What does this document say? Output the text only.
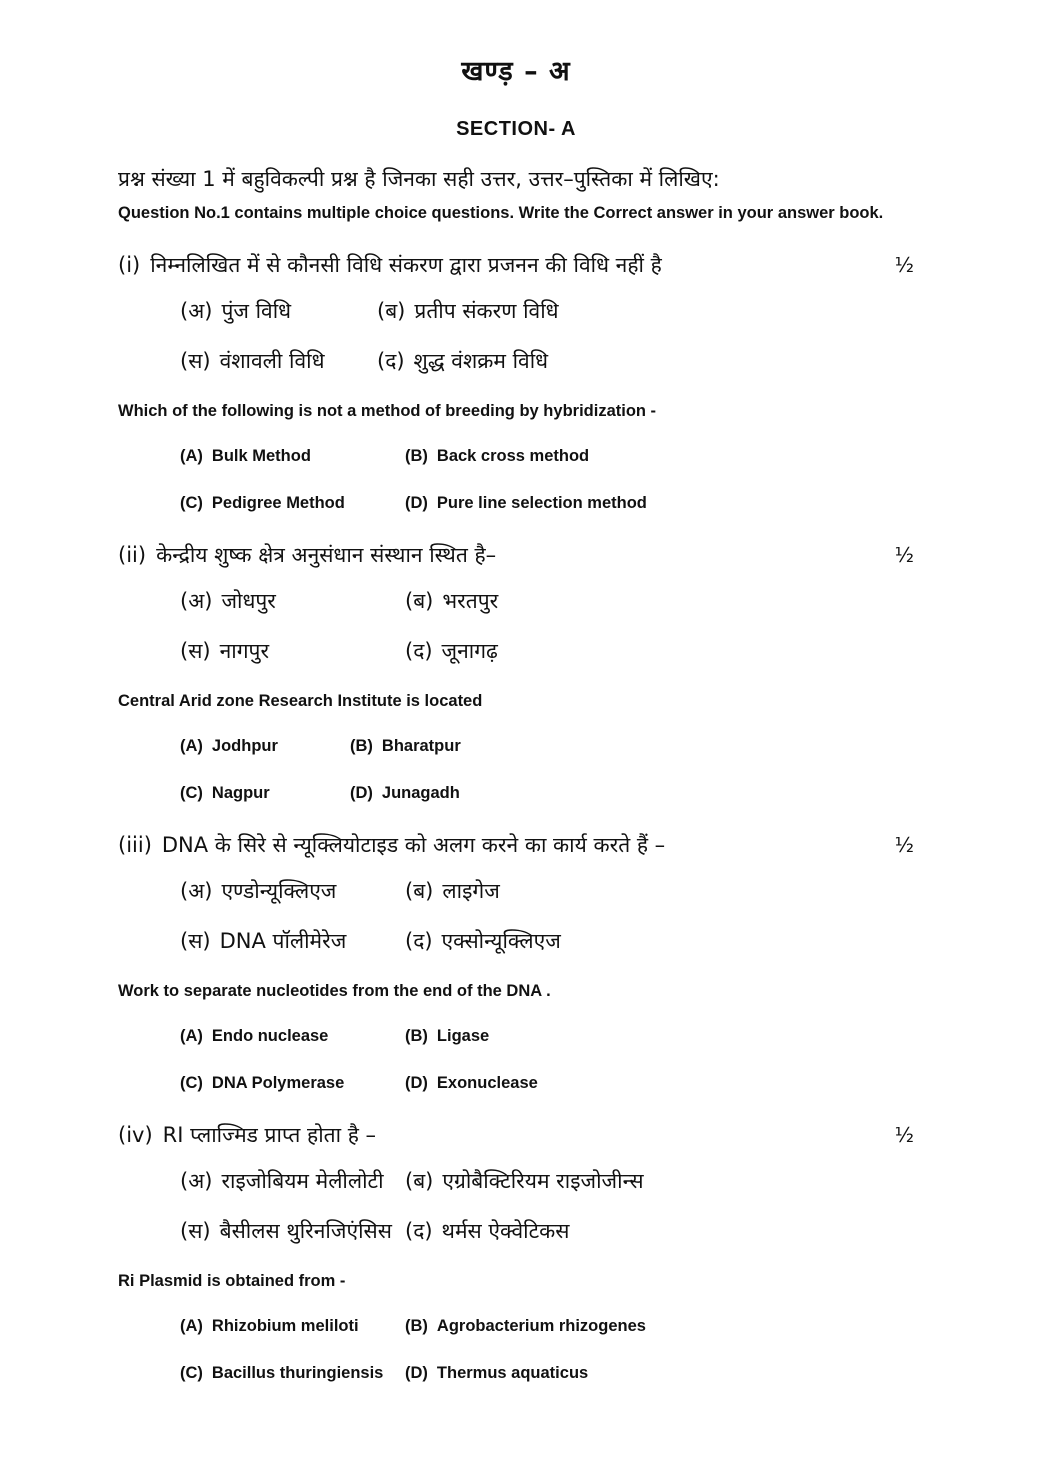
खण्ड़ – अ
SECTION- A

प्रश्न संख्या 1 में बहुविकल्पी प्रश्न है जिनका सही उत्तर, उत्तर–पुस्तिका में लिखिए:

Question No.1 contains multiple choice questions. Write the Correct answer in your answer book.

(i) निम्नलिखित में से कौनसी विधि संकरण द्वारा प्रजनन की विधि नहीं है	½
(अ) पुंज विधि	(ब) प्रतीप संकरण विधि
(स) वंशावली विधि	(द) शुद्ध वंशक्रम विधि

Which of the following is not a method of breeding by hybridization -

(A) Bulk Method	(B) Back cross method
(C) Pedigree Method	(D) Pure line selection method
(ii) केन्द्रीय शुष्क क्षेत्र अनुसंधान संस्थान स्थित है–	½
(अ) जोधपुर	(ब) भरतपुर
(स) नागपुर	(द) जूनागढ़

Central Arid zone Research Institute is located

(A) Jodhpur	(B) Bharatpur
(C) Nagpur	(D) Junagadh
(iii) DNA के सिरे से न्यूक्लियोटाइड को अलग करने का कार्य करते हैं –	½
(अ) एण्डोन्यूक्लिएज	(ब) लाइगेज
(स) DNA पॉलीमेरेज	(द) एक्सोन्यूक्लिएज

Work to separate nucleotides from the end of the DNA .

(A) Endo nuclease	(B) Ligase
(C) DNA Polymerase	(D) Exonuclease
(iv) RI प्लाज्मिड प्राप्त होता है –	½
(अ) राइजोबियम मेलीलोटी	(ब) एग्रोबैक्टिरियम राइजोजीन्स
(स) बैसीलस थुरिनजिएंसिस (द) थर्मस ऐक्वेटिकस

Ri Plasmid is obtained from -

(A) Rhizobium meliloti	(B) Agrobacterium rhizogenes
(C) Bacillus thuringiensis	(D) Thermus aquaticus
